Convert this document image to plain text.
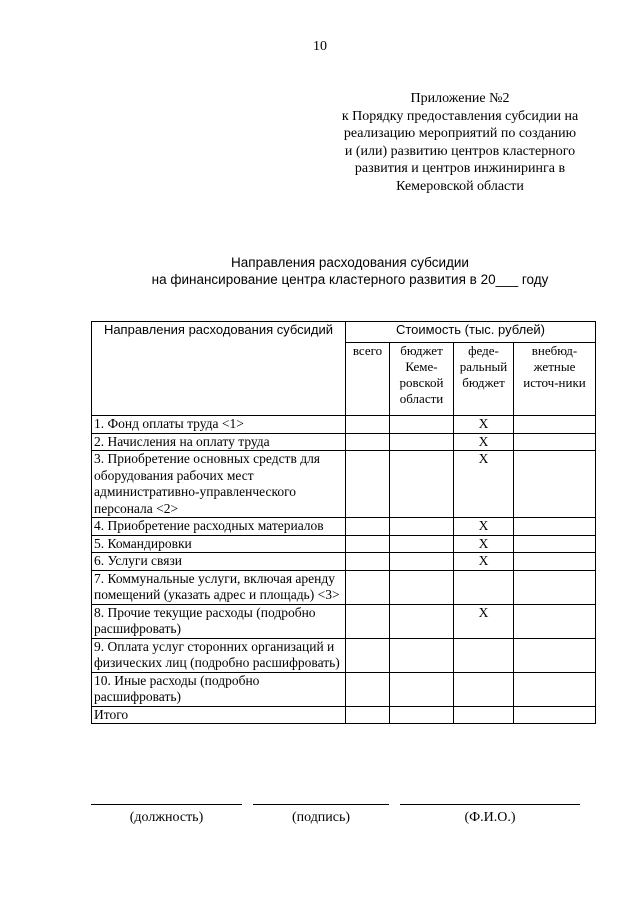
10
Приложение №2
к Порядку предоставления субсидии на
реализацию мероприятий по созданию
и (или) развитию центров кластерного
развития и центров инжиниринга в
Кемеровской области
Направления расходования субсидии
на финансирование центра кластерного развития в 20___ году
Направления расходования субсидий	Стоимость (тыс. рублей)			
	всего	бюджет Кеме-ровской области	феде-ральный бюджет	внебюд-жетные источ-ники
1. Фонд оплаты труда <1>			X	
2. Начисления на оплату труда			X	
3. Приобретение основных средств для оборудования рабочих мест административно-управленческого персонала <2>			X	
4. Приобретение расходных материалов			X	
5. Командировки			X	
6. Услуги связи			X	
7. Коммунальные услуги, включая аренду помещений (указать адрес и площадь) <3>				
8. Прочие текущие расходы (подробно расшифровать)			X	
9. Оплата услуг сторонних организаций и физических лиц (подробно расшифровать)				
10. Иные расходы (подробно расшифровать)				
Итого				
(должность)	(подпись)	(Ф.И.О.)
